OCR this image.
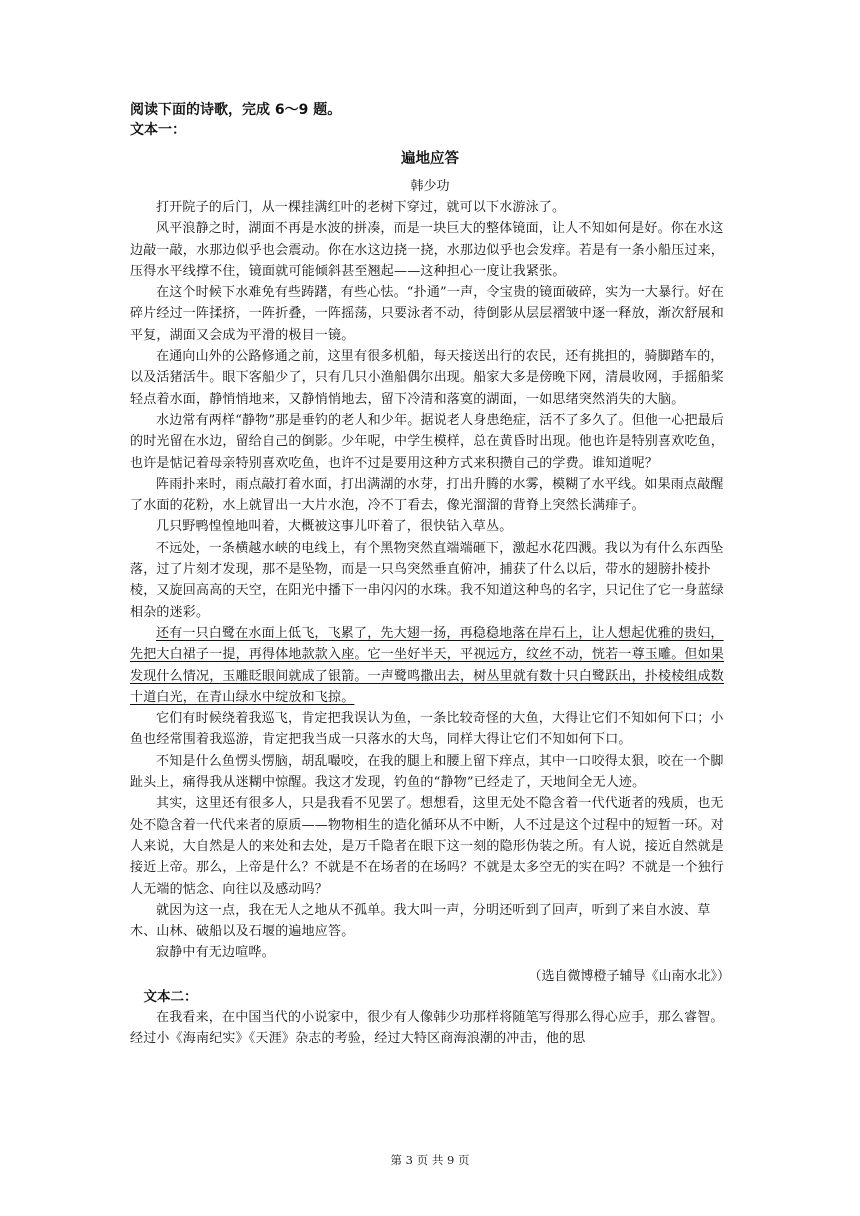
阅读下面的诗歌，完成 6～9 题。
文本一：
遍地应答
韩少功

打开院子的后门，从一棵挂满红叶的老树下穿过，就可以下水游泳了。

风平浪静之时，湖面不再是水波的拼凑，而是一块巨大的整体镜面，让人不知如何是好。你在水这边敲一敲，水那边似乎也会震动。你在水这边挠一挠，水那边似乎也会发痒。若是有一条小船压过来，压得水平线撑不住，镜面就可能倾斜甚至翘起——这种担心一度让我紧张。

在这个时候下水难免有些踌躇，有些心怯。“扑通”一声，令宝贵的镜面破碎，实为一大暴行。好在碎片经过一阵揉挤，一阵折叠，一阵摇荡，只要泳者不动，待倒影从层层褶皱中逐一释放，渐次舒展和平复，湖面又会成为平滑的极目一镜。

在通向山外的公路修通之前，这里有很多机船，每天接送出行的农民，还有挑担的，骑脚踏车的，以及活猪活牛。眼下客船少了，只有几只小渔船偶尔出现。船家大多是傍晚下网，清晨收网，手摇船桨轻点着水面，静悄悄地来，又静悄悄地去，留下冷清和落寞的湖面，一如思绪突然消失的大脑。

水边常有两样“静物”那是垂钓的老人和少年。据说老人身患绝症，活不了多久了。但他一心把最后的时光留在水边，留给自己的倒影。少年呢，中学生模样，总在黄昏时出现。他也许是特别喜欢吃鱼，也许是惦记着母亲特别喜欢吃鱼，也许不过是要用这种方式来积攒自己的学费。谁知道呢？

阵雨扑来时，雨点敲打着水面，打出满湖的水芽，打出升腾的水雾，模糊了水平线。如果雨点敲醒了水面的花粉，水上就冒出一大片水泡，冷不丁看去，像光溜溜的背脊上突然长满痱子。

几只野鸭惶惶地叫着，大概被这事儿吓着了，很快钻入草丛。

不远处，一条横越水峡的电线上，有个黑物突然直端端砸下，激起水花四溅。我以为有什么东西坠落，过了片刻才发现，那不是坠物，而是一只鸟突然垂直俯冲，捕获了什么以后，带水的翅膀扑棱扑棱，又旋回高高的天空，在阳光中播下一串闪闪的水珠。我不知道这种鸟的名字，只记住了它一身蓝绿相杂的迷彩。

还有一只白鹭在水面上低飞，飞累了，先大翅一扬，再稳稳地落在岸石上，让人想起优雅的贵妇，先把大白裙子一提，再得体地款款入座。它一坐好半天，平视远方，纹丝不动，恍若一尊玉雕。但如果发现什么情况，玉雕眨眼间就成了银箭。一声鹭鸣撒出去，树丛里就有数十只白鹭跃出，扑棱棱组成数十道白光，在青山绿水中绽放和飞掠。

它们有时候绕着我巡飞，肯定把我误认为鱼，一条比较奇怪的大鱼，大得让它们不知如何下口；小鱼也经常围着我巡游，肯定把我当成一只落水的大鸟，同样大得让它们不知如何下口。

不知是什么鱼愣头愣脑，胡乱嘬咬，在我的腿上和腰上留下痒点，其中一口咬得太狠，咬在一个脚趾头上，痛得我从迷糊中惊醒。我这才发现，钓鱼的“静物”已经走了，天地间全无人迹。

其实，这里还有很多人，只是我看不见罢了。想想看，这里无处不隐含着一代代逝者的残质，也无处不隐含着一代代来者的原质——物物相生的造化循环从不中断，人不过是这个过程中的短暂一环。对人来说，大自然是人的来处和去处，是万千隐者在眼下这一刻的隐形伪装之所。有人说，接近自然就是接近上帝。那么，上帝是什么？不就是不在场者的在场吗？不就是太多空无的实在吗？不就是一个独行人无端的惦念、向往以及感动吗？

就因为这一点，我在无人之地从不孤单。我大叫一声，分明还听到了回声，听到了来自水波、草木、山林、破船以及石堰的遍地应答。

寂静中有无边喧哗。

（选自微博橙子辅导《山南水北》）
文本二：

在我看来，在中国当代的小说家中，很少有人像韩少功那样将随笔写得那么得心应手，那么睿智。经过小《海南纪实》《天涯》杂志的考验，经过大特区商海浪潮的冲击，他的思

第 3 页 共 9 页
